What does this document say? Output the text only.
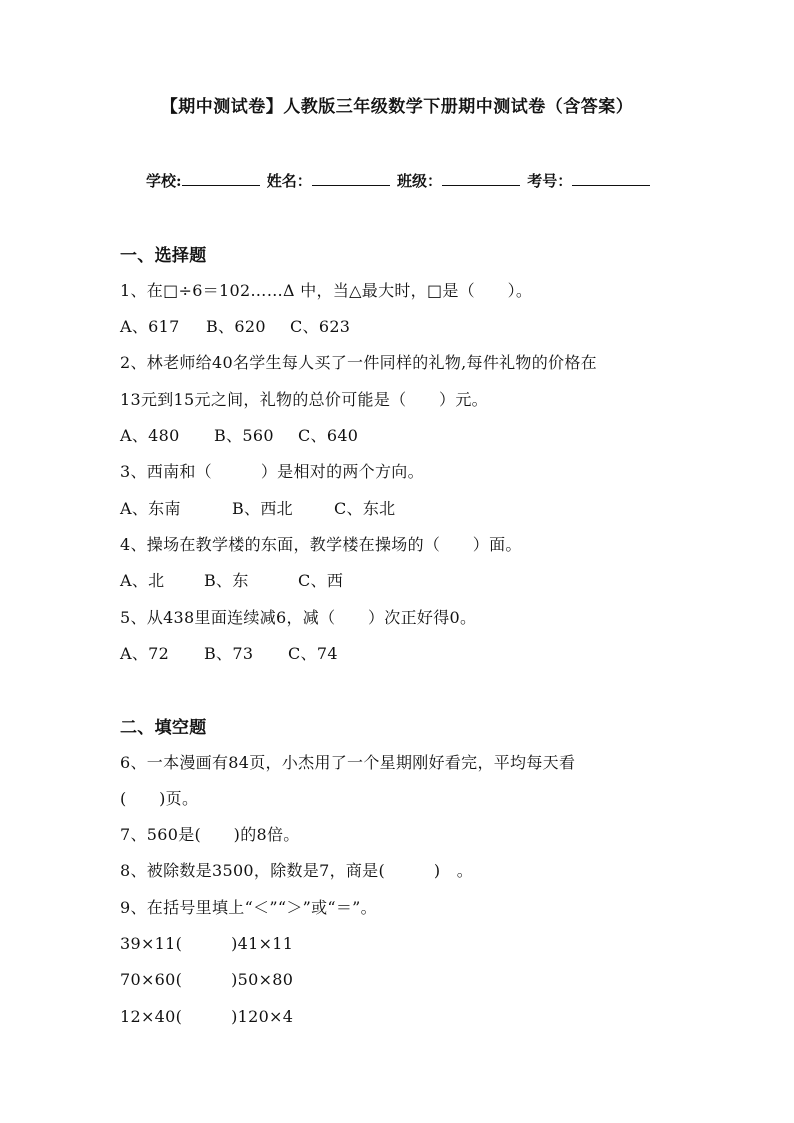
【期中测试卷】人教版三年级数学下册期中测试卷（含答案）
学校:	姓名：	班级：	考号：
一、选择题
1、在□÷6＝102……Δ 中，当△最大时，□是（　　）。
A、617 B、620 C、623
2、林老师给40名学生每人买了一件同样的礼物,每件礼物的价格在
13元到15元之间，礼物的总价可能是（　　）元。
A、480 B、560 C、640
3、西南和（　　　）是相对的两个方向。
A、东南	B、西北	C、东北
4、操场在教学楼的东面，教学楼在操场的（　　）面。
A、北 B、东	C、西
5、从438里面连续减6，减（　　）次正好得0。
A、72 B、73 C、74
二、填空题
6、一本漫画有84页，小杰用了一个星期刚好看完，平均每天看
(　　)页。
7、560是(　　)的8倍。
8、被除数是3500，除数是7，商是(　　　)　。
9、在括号里填上“＜”“＞”或“＝”。
39×11(　　　)41×11
70×60(　　　)50×80
12×40(　　　)120×4
